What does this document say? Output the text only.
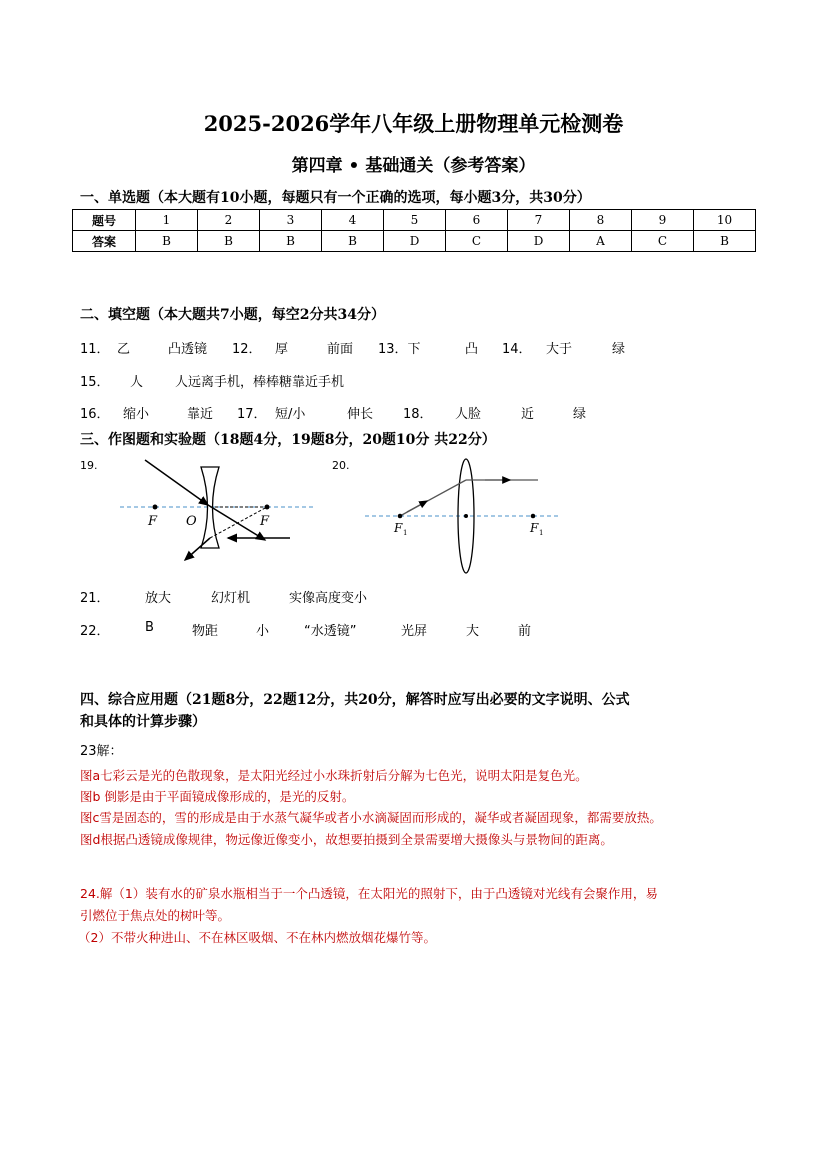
2025-2026学年八年级上册物理单元检测卷
第四章 • 基础通关（参考答案）
一、单选题（本大题有10小题，每题只有一个正确的选项，每小题3分，共30分）
题号	1	2	3	4	5	6	7	8	9	10
答案	B	B	B	B	D	C	D	A	C	B
二、填空题（本大题共7小题，每空2分共34分）
11． 乙	凸透镜 12． 厚	前面 13．下	凸 14． 大于	绿
15． 人 人远离手机，棒棒糖靠近手机
16． 缩小	靠近 17． 短/小	伸长 18． 人脸	近	绿
三、作图题和实验题（18题4分，19题8分，20题10分 共22分）
19.
F O	F
20.
F 1	F 1
21．	放大	幻灯机	实像高度变小
22．	B	物距	小	“水透镜”	光屏	大	前
四、综合应用题（21题8分，22题12分，共20分，解答时应写出必要的文字说明、公式
和具体的计算步骤）
23解：
图a七彩云是光的色散现象，是太阳光经过小水珠折射后分解为七色光，说明太阳是复色光。
图b 倒影是由于平面镜成像形成的，是光的反射。
图c雪是固态的，雪的形成是由于水蒸气凝华或者小水滴凝固而形成的，凝华或者凝固现象，都需要放热。
图d根据凸透镜成像规律，物远像近像变小，故想要拍摄到全景需要增大摄像头与景物间的距离。
24.解（1）装有水的矿泉水瓶相当于一个凸透镜，在太阳光的照射下，由于凸透镜对光线有会聚作用，易
引燃位于焦点处的树叶等。
（2）不带火种进山、不在林区吸烟、不在林内燃放烟花爆竹等。
